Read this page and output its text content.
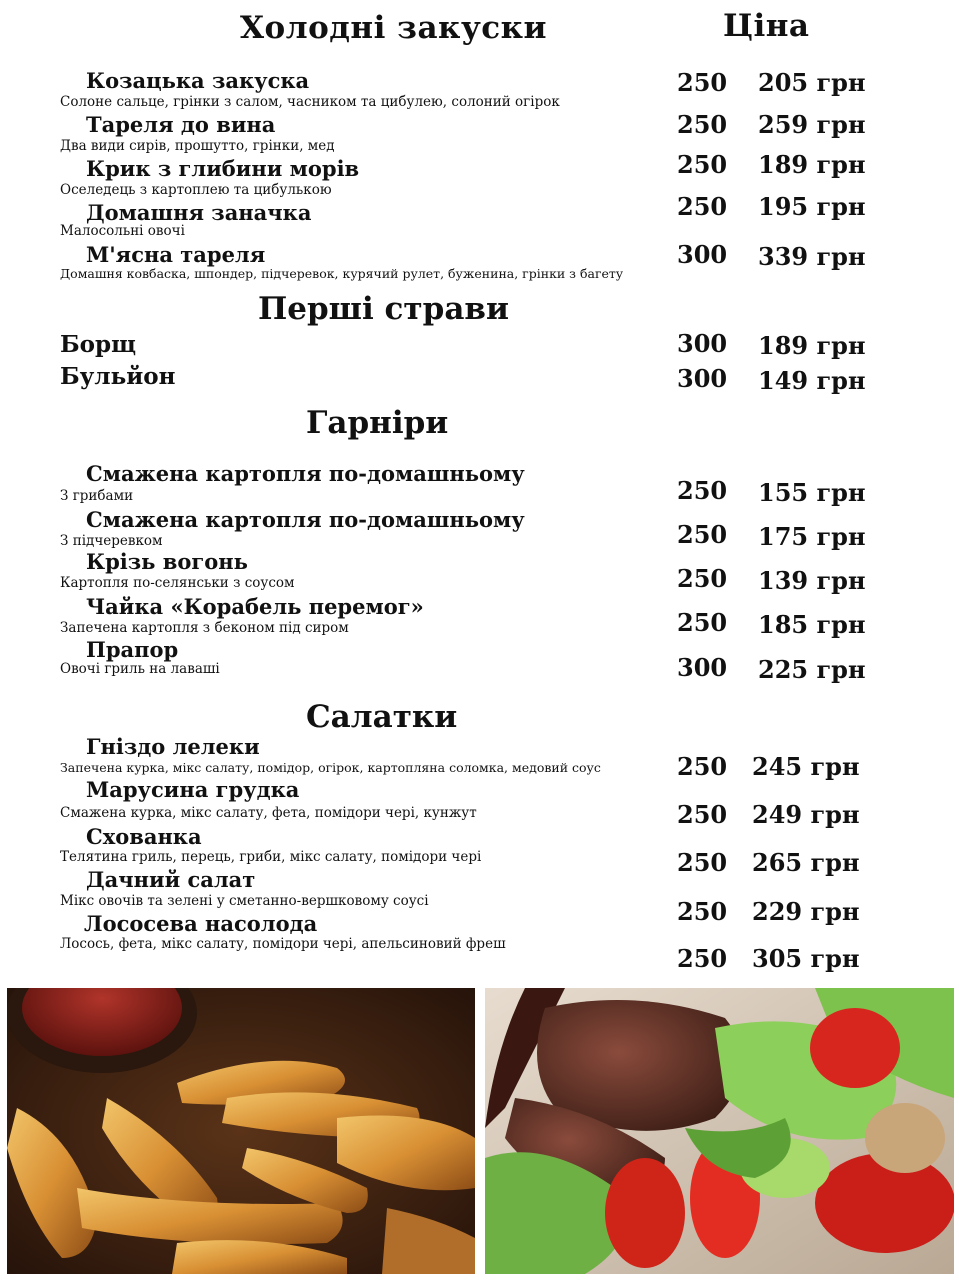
Холодні закуски	Ціна
Козацька закуска
Солоне сальце, грінки з салом, часником та цибулею, солоний огірок
250 205 грн
Тареля до вина
Два види сирів, прошутто, грінки, мед
250 259 грн
Крик з глибини морів
Оселедець з картоплею та цибулькою
250 189 грн
Домашня заначка
Малосольні овочі
250 195 грн
М'ясна тареля
Домашня ковбаска, шпондер, підчеревок, курячий рулет, буженина, грінки з багету
300 339 грн
Перші страви
Борщ	300 189 грн
Бульйон	300 149 грн
Гарніри
Смажена картопля по-домашньому
З грибами	250 155 грн
Смажена картопля по-домашньому
З підчеревком	250 175 грн
Крізь вогонь
Картопля по-селянськи з соусом	250 139 грн
Чайка «Корабель перемог»
Запечена картопля з беконом під сиром	250 185 грн
Прапор
Овочі гриль на лаваші	300 225 грн
Салатки
Гніздо лелеки
Запечена курка, мікс салату, помідор, огірок, картопляна соломка, медовий соус	250 245 грн
Марусина грудка
Смажена курка, мікс салату, фета, помідори чері, кунжут	250 249 грн
Схованка
Телятина гриль, перець, гриби, мікс салату, помідори чері	250 265 грн
Дачний салат
Мікс овочів та зелені у сметанно-вершковому соусі	250 229 грн
Лососева насолода
Лосось, фета, мікс салату, помідори чері, апельсиновий фреш	250 305 грн
